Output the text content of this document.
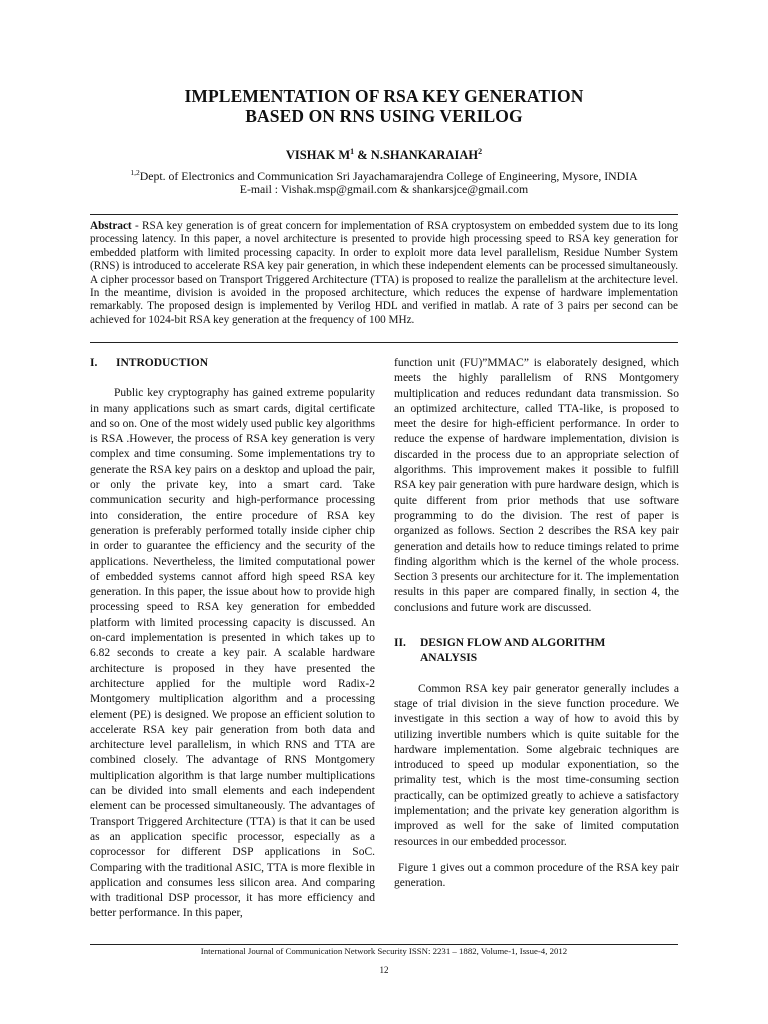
IMPLEMENTATION OF RSA KEY GENERATION
BASED ON RNS USING VERILOG
VISHAK $M^1$ & N.SHANKARAIAH$^2$
$^{1,2}$Dept. of Electronics and Communication Sri Jayachamarajendra College of Engineering, Mysore, INDIA
E-mail : Vishak.msp@gmail.com & shankarsjce@gmail.com
Abstract - RSA key generation is of great concern for implementation of RSA cryptosystem on embedded system due to its long processing latency. In this paper, a novel architecture is presented to provide high processing speed to RSA key generation for embedded platform with limited processing capacity. In order to exploit more data level parallelism, Residue Number System (RNS) is introduced to accelerate RSA key pair generation, in which these independent elements can be processed simultaneously. A cipher processor based on Transport Triggered Architecture (TTA) is proposed to realize the parallelism at the architecture level. In the meantime, division is avoided in the proposed architecture, which reduces the expense of hardware implementation remarkably. The proposed design is implemented by Verilog HDL and verified in matlab. A rate of 3 pairs per second can be achieved for 1024-bit RSA key generation at the frequency of 100 MHz.
I.	INTRODUCTION

Public key cryptography has gained extreme popularity in many applications such as smart cards, digital certificate and so on. One of the most widely used public key algorithms is RSA .However, the process of RSA key generation is very complex and time consuming. Some implementations try to generate the RSA key pairs on a desktop and upload the pair, or only the private key, into a smart card. Take communication security and high-performance processing into consideration, the entire procedure of RSA key generation is preferably performed totally inside cipher chip in order to guarantee the efficiency and the security of the applications. Nevertheless, the limited computational power of embedded systems cannot afford high speed RSA key generation. In this paper, the issue about how to provide high processing speed to RSA key generation for embedded platform with limited processing capacity is discussed. An on-card implementation is presented in which takes up to 6.82 seconds to create a key pair. A scalable hardware architecture is proposed in they have presented the architecture applied for the multiple word Radix-2 Montgomery multiplication algorithm and a processing element (PE) is designed. We propose an efficient solution to accelerate RSA key pair generation from both data and architecture level parallelism, in which RNS and TTA are combined closely. The advantage of RNS Montgomery multiplication algorithm is that large number multiplications can be divided into small elements and each independent element can be processed simultaneously. The advantages of Transport Triggered Architecture (TTA) is that it can be used as an application specific processor, especially as a coprocessor for different DSP applications in SoC. Comparing with the traditional ASIC, TTA is more flexible in application and consumes less silicon area. And comparing with traditional DSP processor, it has more efficiency and better performance. In this paper,

function unit (FU)”MMAC” is elaborately designed, which meets the highly parallelism of RNS Montgomery multiplication and reduces redundant data transmission. So an optimized architecture, called TTA-like, is proposed to meet the desire for high-efficient performance. In order to reduce the expense of hardware implementation, division is discarded in the process due to an appropriate selection of algorithms. This improvement makes it possible to fulfill RSA key pair generation with pure hardware design, which is quite different from prior methods that use software programming to do the division. The rest of paper is organized as follows. Section 2 describes the RSA key pair generation and details how to reduce timings related to prime finding algorithm which is the kernel of the whole process. Section 3 presents our architecture for it. The implementation results in this paper are compared finally, in section 4, the conclusions and future work are discussed.

II.	DESIGN FLOW AND ALGORITHM
ANALYSIS

Common RSA key pair generator generally includes a stage of trial division in the sieve function procedure. We investigate in this section a way of how to avoid this by utilizing invertible numbers which is quite suitable for the hardware implementation. Some algebraic techniques are introduced to speed up modular exponentiation, so the primality test, which is the most time-consuming section practically, can be optimized greatly to achieve a satisfactory implementation; and the private key generation algorithm is improved as well for the sake of limited computation resources in our embedded processor.

Figure 1 gives out a common procedure of the RSA key pair generation.

International Journal of Communication Network Security ISSN: 2231 – 1882, Volume-1, Issue-4, 2012
12
